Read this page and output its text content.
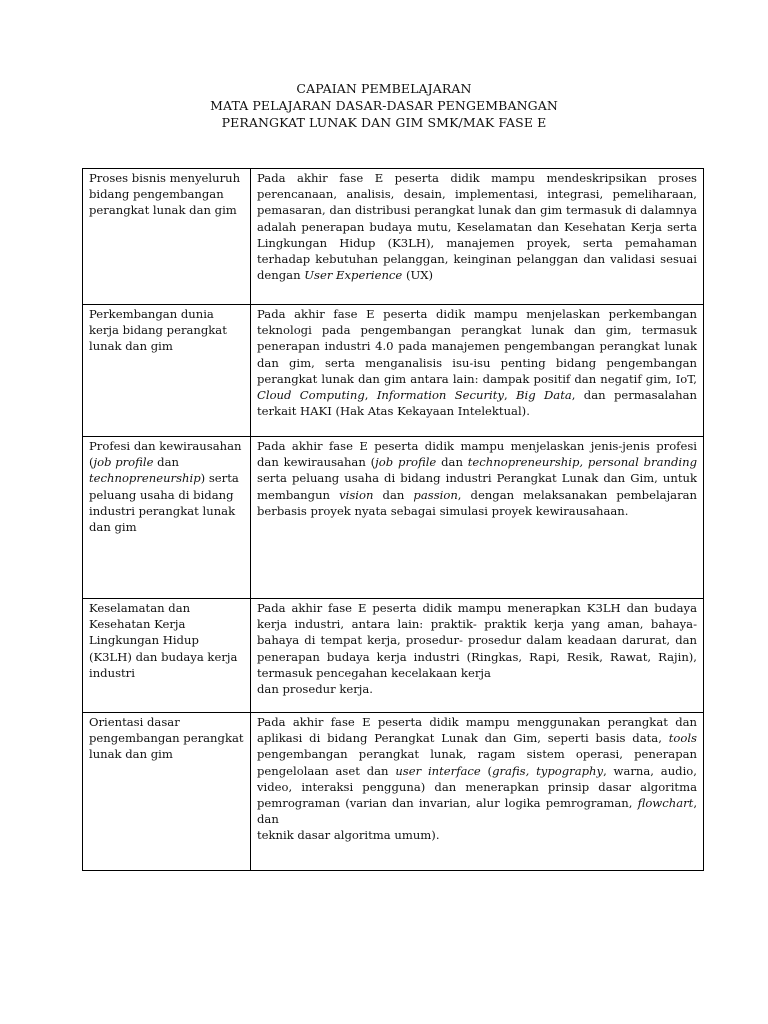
CAPAIAN PEMBELAJARAN
MATA PELAJARAN DASAR-DASAR PENGEMBANGAN
PERANGKAT LUNAK DAN GIM SMK/MAK FASE E
Proses bisnis menyeluruh bidang pengembangan perangkat lunak dan gim	Pada akhir fase E peserta didik mampu mendeskripsikan proses perencanaan, analisis, desain, implementasi, integrasi, pemeliharaan, pemasaran, dan distribusi perangkat lunak dan gim termasuk di dalamnya adalah penerapan budaya mutu, Keselamatan dan Kesehatan Kerja serta Lingkungan Hidup (K3LH), manajemen proyek, serta pemahaman terhadap kebutuhan pelanggan, keinginan pelanggan dan validasi sesuai dengan User Experience (UX)
Perkembangan dunia kerja bidang perangkat lunak dan gim	Pada akhir fase E peserta didik mampu menjelaskan perkembangan teknologi pada pengembangan perangkat lunak dan gim, termasuk penerapan industri 4.0 pada manajemen pengembangan perangkat lunak dan gim, serta menganalisis isu-isu penting bidang pengembangan perangkat lunak dan gim antara lain: dampak positif dan negatif gim, IoT, Cloud Computing, Information Security, Big Data, dan permasalahan terkait HAKI (Hak Atas Kekayaan Intelektual).
Profesi dan kewirausahan (job profile dan technopreneurship) serta peluang usaha di bidang industri perangkat lunak dan gim	Pada akhir fase E peserta didik mampu menjelaskan jenis-jenis profesi dan kewirausahan (job profile dan technopreneurship, personal branding serta peluang usaha di bidang industri Perangkat Lunak dan Gim, untuk membangun vision dan passion, dengan melaksanakan pembelajaran berbasis proyek nyata sebagai simulasi proyek kewirausahaan.
Keselamatan dan Kesehatan Kerja Lingkungan Hidup (K3LH) dan budaya kerja industri	Pada akhir fase E peserta didik mampu menerapkan K3LH dan budaya kerja industri, antara lain: praktik- praktik kerja yang aman, bahaya-bahaya di tempat kerja, prosedur- prosedur dalam keadaan darurat, dan penerapan budaya kerja industri (Ringkas, Rapi, Resik, Rawat, Rajin), termasuk pencegahan kecelakaan kerja
dan prosedur kerja.

Orientasi dasar pengembangan perangkat lunak dan gim	Pada akhir fase E peserta didik mampu menggunakan perangkat dan aplikasi di bidang Perangkat Lunak dan Gim, seperti basis data, tools pengembangan perangkat lunak, ragam sistem operasi, penerapan pengelolaan aset dan user interface (grafis, typography, warna, audio, video, interaksi pengguna) dan menerapkan prinsip dasar algoritma pemrograman (varian dan invarian, alur logika pemrograman, flowchart, dan
teknik dasar algoritma umum).
